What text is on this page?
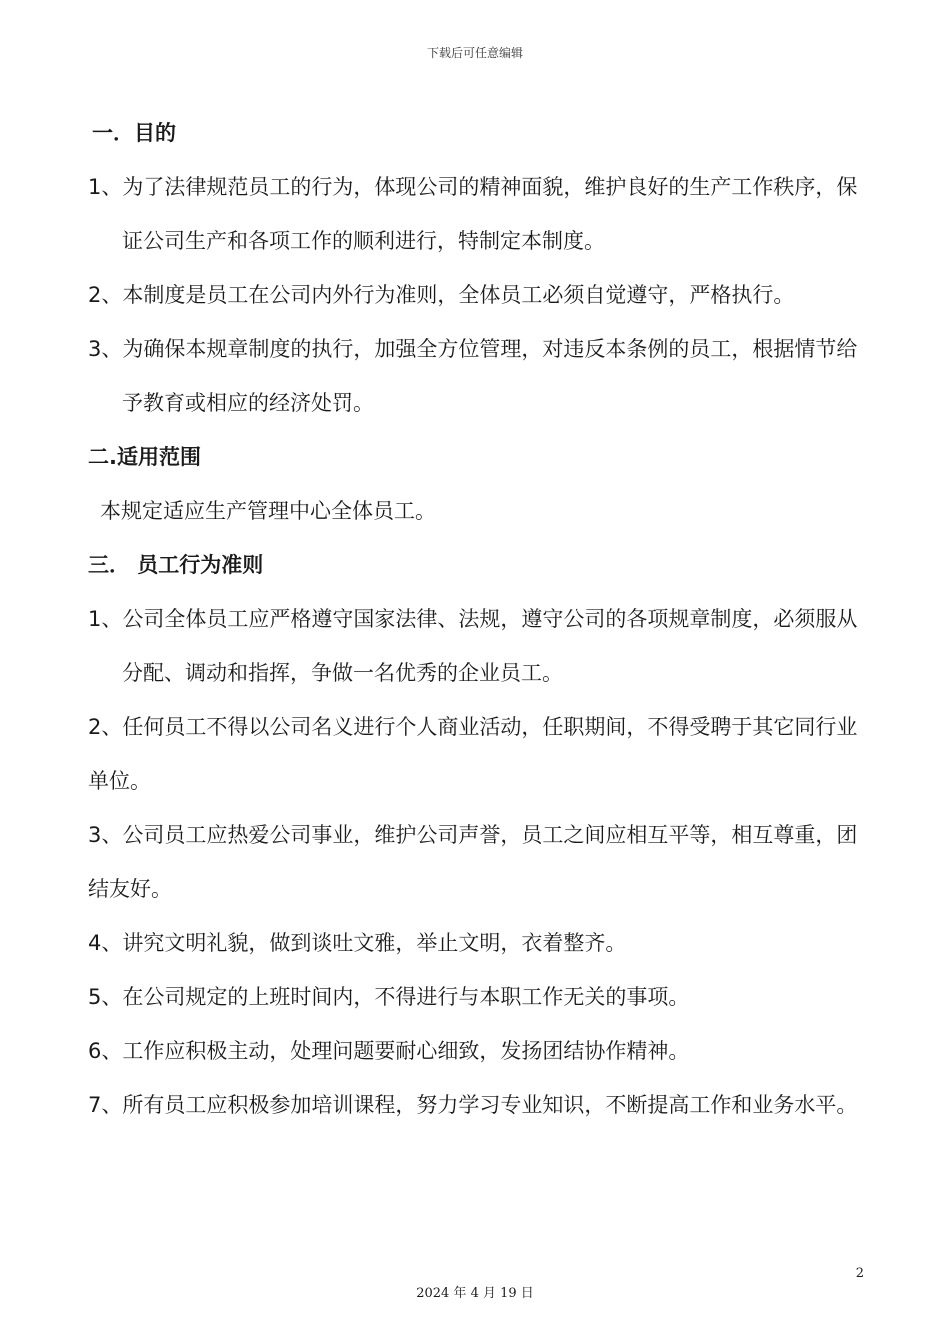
下载后可任意编辑

一．目的

1、为了法律规范员工的行为，体现公司的精神面貌，维护良好的生产工作秩序，保证公司生产和各项工作的顺利进行，特制定本制度。

2、本制度是员工在公司内外行为准则，全体员工必须自觉遵守，严格执行。

3、为确保本规章制度的执行，加强全方位管理，对违反本条例的员工，根据情节给予教育或相应的经济处罚。

二.适用范围

本规定适应生产管理中心全体员工。

三． 员工行为准则

1、公司全体员工应严格遵守国家法律、法规，遵守公司的各项规章制度，必须服从分配、调动和指挥，争做一名优秀的企业员工。

2、任何员工不得以公司名义进行个人商业活动，任职期间，不得受聘于其它同行业单位。

3、公司员工应热爱公司事业，维护公司声誉，员工之间应相互平等，相互尊重，团结友好。

4、讲究文明礼貌，做到谈吐文雅，举止文明，衣着整齐。

5、在公司规定的上班时间内，不得进行与本职工作无关的事项。

6、工作应积极主动，处理问题要耐心细致，发扬团结协作精神。

7、所有员工应积极参加培训课程，努力学习专业知识，不断提高工作和业务水平。

2
2024 年 4 月 19 日
